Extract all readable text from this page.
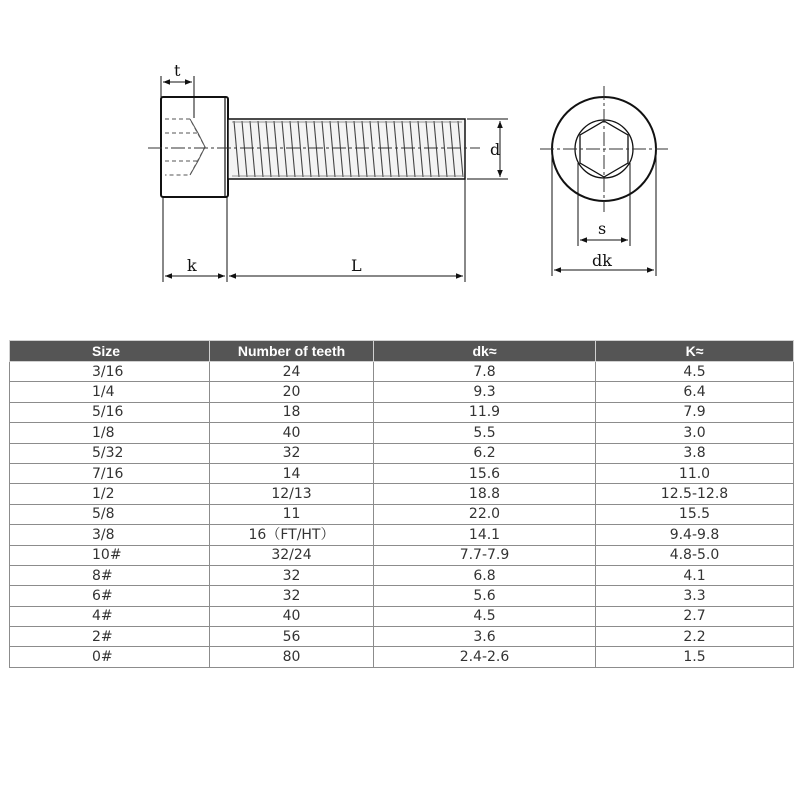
t
d
k	L
s
dk
Size	Number of teeth	dk≈	K≈
3/16	24	7.8	4.5
1/4	20	9.3	6.4
5/16	18	11.9	7.9
1/8	40	5.5	3.0
5/32	32	6.2	3.8
7/16	14	15.6	11.0
1/2	12/13	18.8	12.5-12.8
5/8	11	22.0	15.5
3/8	16（FT/HT）	14.1	9.4-9.8
10#	32/24	7.7-7.9	4.8-5.0
8#	32	6.8	4.1
6#	32	5.6	3.3
4#	40	4.5	2.7
2#	56	3.6	2.2
0#	80	2.4-2.6	1.5
